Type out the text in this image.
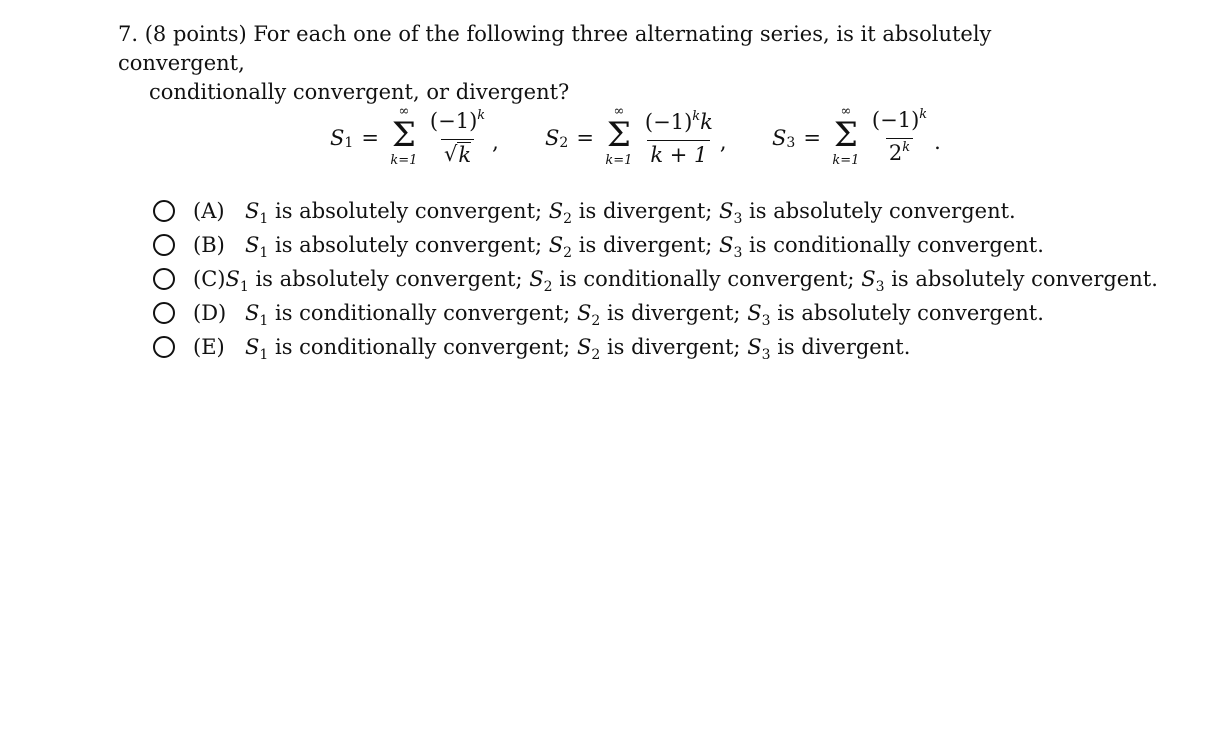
7. (8 points) For each one of the following three alternating series, is it absolutely convergent,
conditionally convergent, or divergent?
S 1 =
∞
Σ
$k=1 \frac{(-1)^k}{√ k}$ , S 2 =
∞
Σ
$k=1 \frac{(-1)^kk}{k + 1}$ , S 3 =
∞
Σ
$k=1 \frac{(-1)^k}{2^k}$ .
(A) $S_1$ is absolutely convergent; $S_2$ is divergent; $S_3$ is absolutely convergent.
(B) $S_1$ is absolutely convergent; $S_2$ is divergent; $S_3$ is conditionally convergent.
(C) $S_1$ is absolutely convergent; $S_2$ is conditionally convergent; $S_3$ is absolutely convergent.
(D) $S_1$ is conditionally convergent; $S_2$ is divergent; $S_3$ is absolutely convergent.
(E) $S_1$ is conditionally convergent; $S_2$ is divergent; $S_3$ is divergent.
